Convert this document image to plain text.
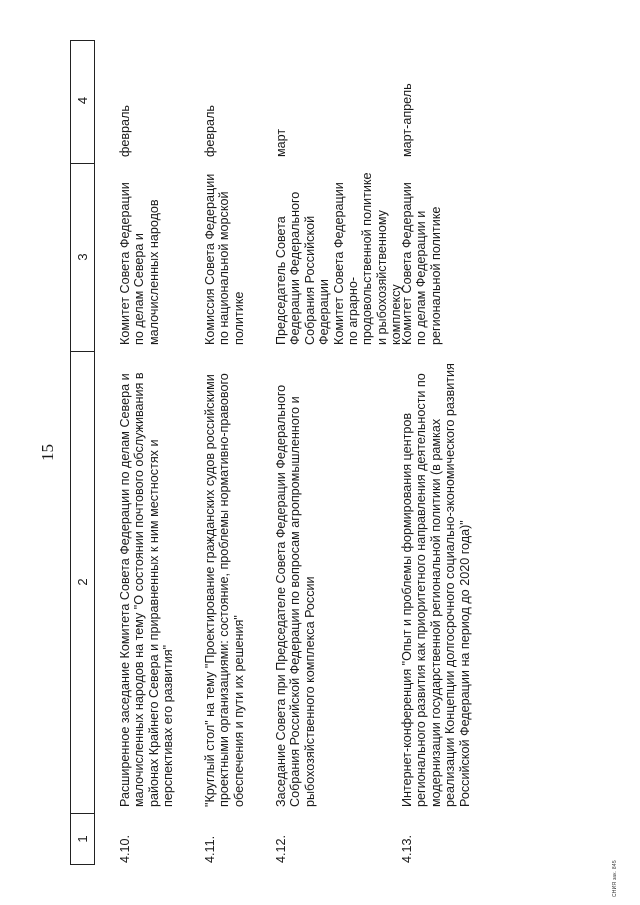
15
1
2
3
4
4.10.
Расширенное заседание Комитета Совета Федерации по делам Севера и малочисленных народов на тему "О состоянии почтового обслуживания в районах Крайнего Севера и приравненных к ним местностях и перспективах его развития"
Комитет Совета Федерации по делам Севера и малочисленных народов
февраль
4.11.
"Круглый стол" на тему "Проектирование гражданских судов российскими проектными организациями: состояние, проблемы нормативно-правового обеспечения и пути их решения"
Комиссия Совета Федерации по национальной морской политике
февраль
4.12.
Заседание Совета при Председателе Совета Федерации Федерального Собрания Российской Федерации по вопросам агропромышленного и рыбохозяйственного комплекса России
Председатель Совета Федерации Федерального Собрания Российской Федерации Комитет Совета Федерации по аграрно-продовольственной политике и рыбохозяйственному комплексу
март
4.13.
Интернет-конференция "Опыт и проблемы формирования центров регионального развития как приоритетного направления деятельности по модернизации государственной региональной политики (в рамках реализации Концепции долгосрочного социально-экономического развития Российской Федерации на период до 2020 года)"
Комитет Совета Федерации по делам Федерации и региональной политике
март-апрель
СНИЯ зак. 845
